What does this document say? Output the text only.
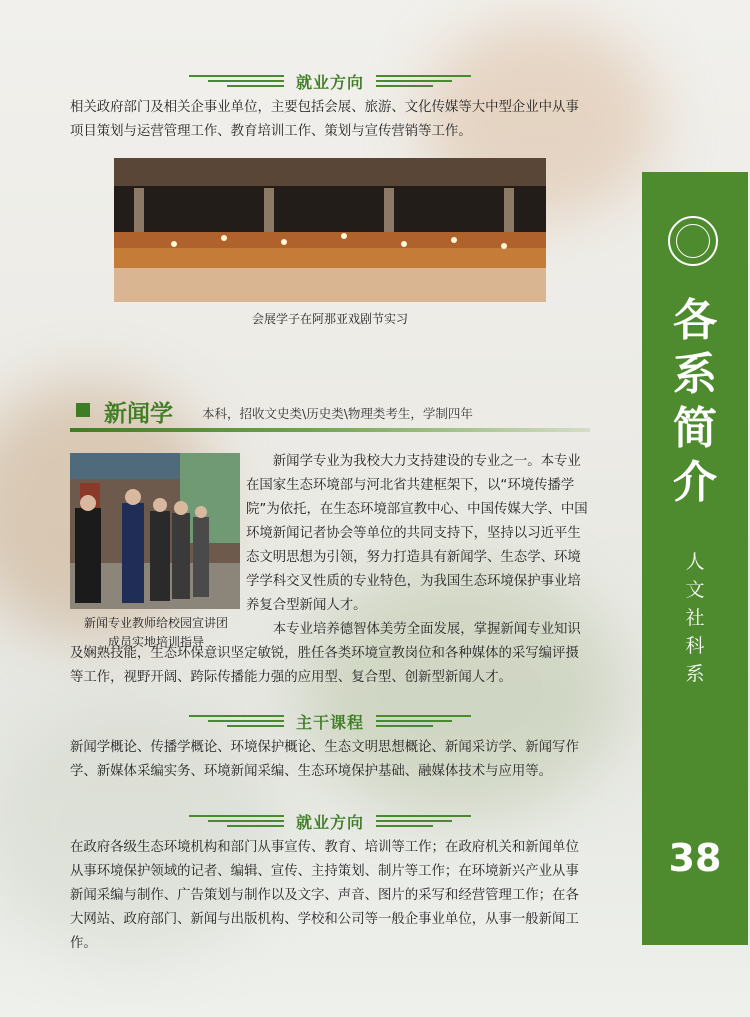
就业方向

相关政府部门及相关企事业单位，主要包括会展、旅游、文化传媒等大中型企业中从事项目策划与运营管理工作、教育培训工作、策划与宣传营销等工作。

会展学子在阿那亚戏剧节实习
新闻学 本科，招收文史类\历史类\物理类考生，学制四年
新闻专业教师给校园宣讲团
成员实地培训指导

新闻学专业为我校大力支持建设的专业之一。本专业在国家生态环境部与河北省共建框架下，以“环境传播学院”为依托，在生态环境部宣教中心、中国传媒大学、中国环境新闻记者协会等单位的共同支持下，坚持以习近平生态文明思想为引领，努力打造具有新闻学、生态学、环境学学科交叉性质的专业特色，为我国生态环境保护事业培养复合型新闻人才。

本专业培养德智体美劳全面发展，掌握新闻专业知识及娴熟技能，生态环保意识坚定敏锐，胜任各类环境宣教岗位和各种媒体的采写编评摄等工作，视野开阔、跨际传播能力强的应用型、复合型、创新型新闻人才。

主干课程

新闻学概论、传播学概论、环境保护概论、生态文明思想概论、新闻采访学、新闻写作学、新媒体采编实务、环境新闻采编、生态环境保护基础、融媒体技术与应用等。

就业方向

在政府各级生态环境机构和部门从事宣传、教育、培训等工作；在政府机关和新闻单位从事环境保护领域的记者、编辑、宣传、主持策划、制片等工作；在环境新兴产业从事新闻采编与制作、广告策划与制作以及文字、声音、图片的采写和经营管理工作；在各大网站、政府部门、新闻与出版机构、学校和公司等一般企事业单位，从事一般新闻工作。

各
系
简
介
人
文
社
科
系
38
